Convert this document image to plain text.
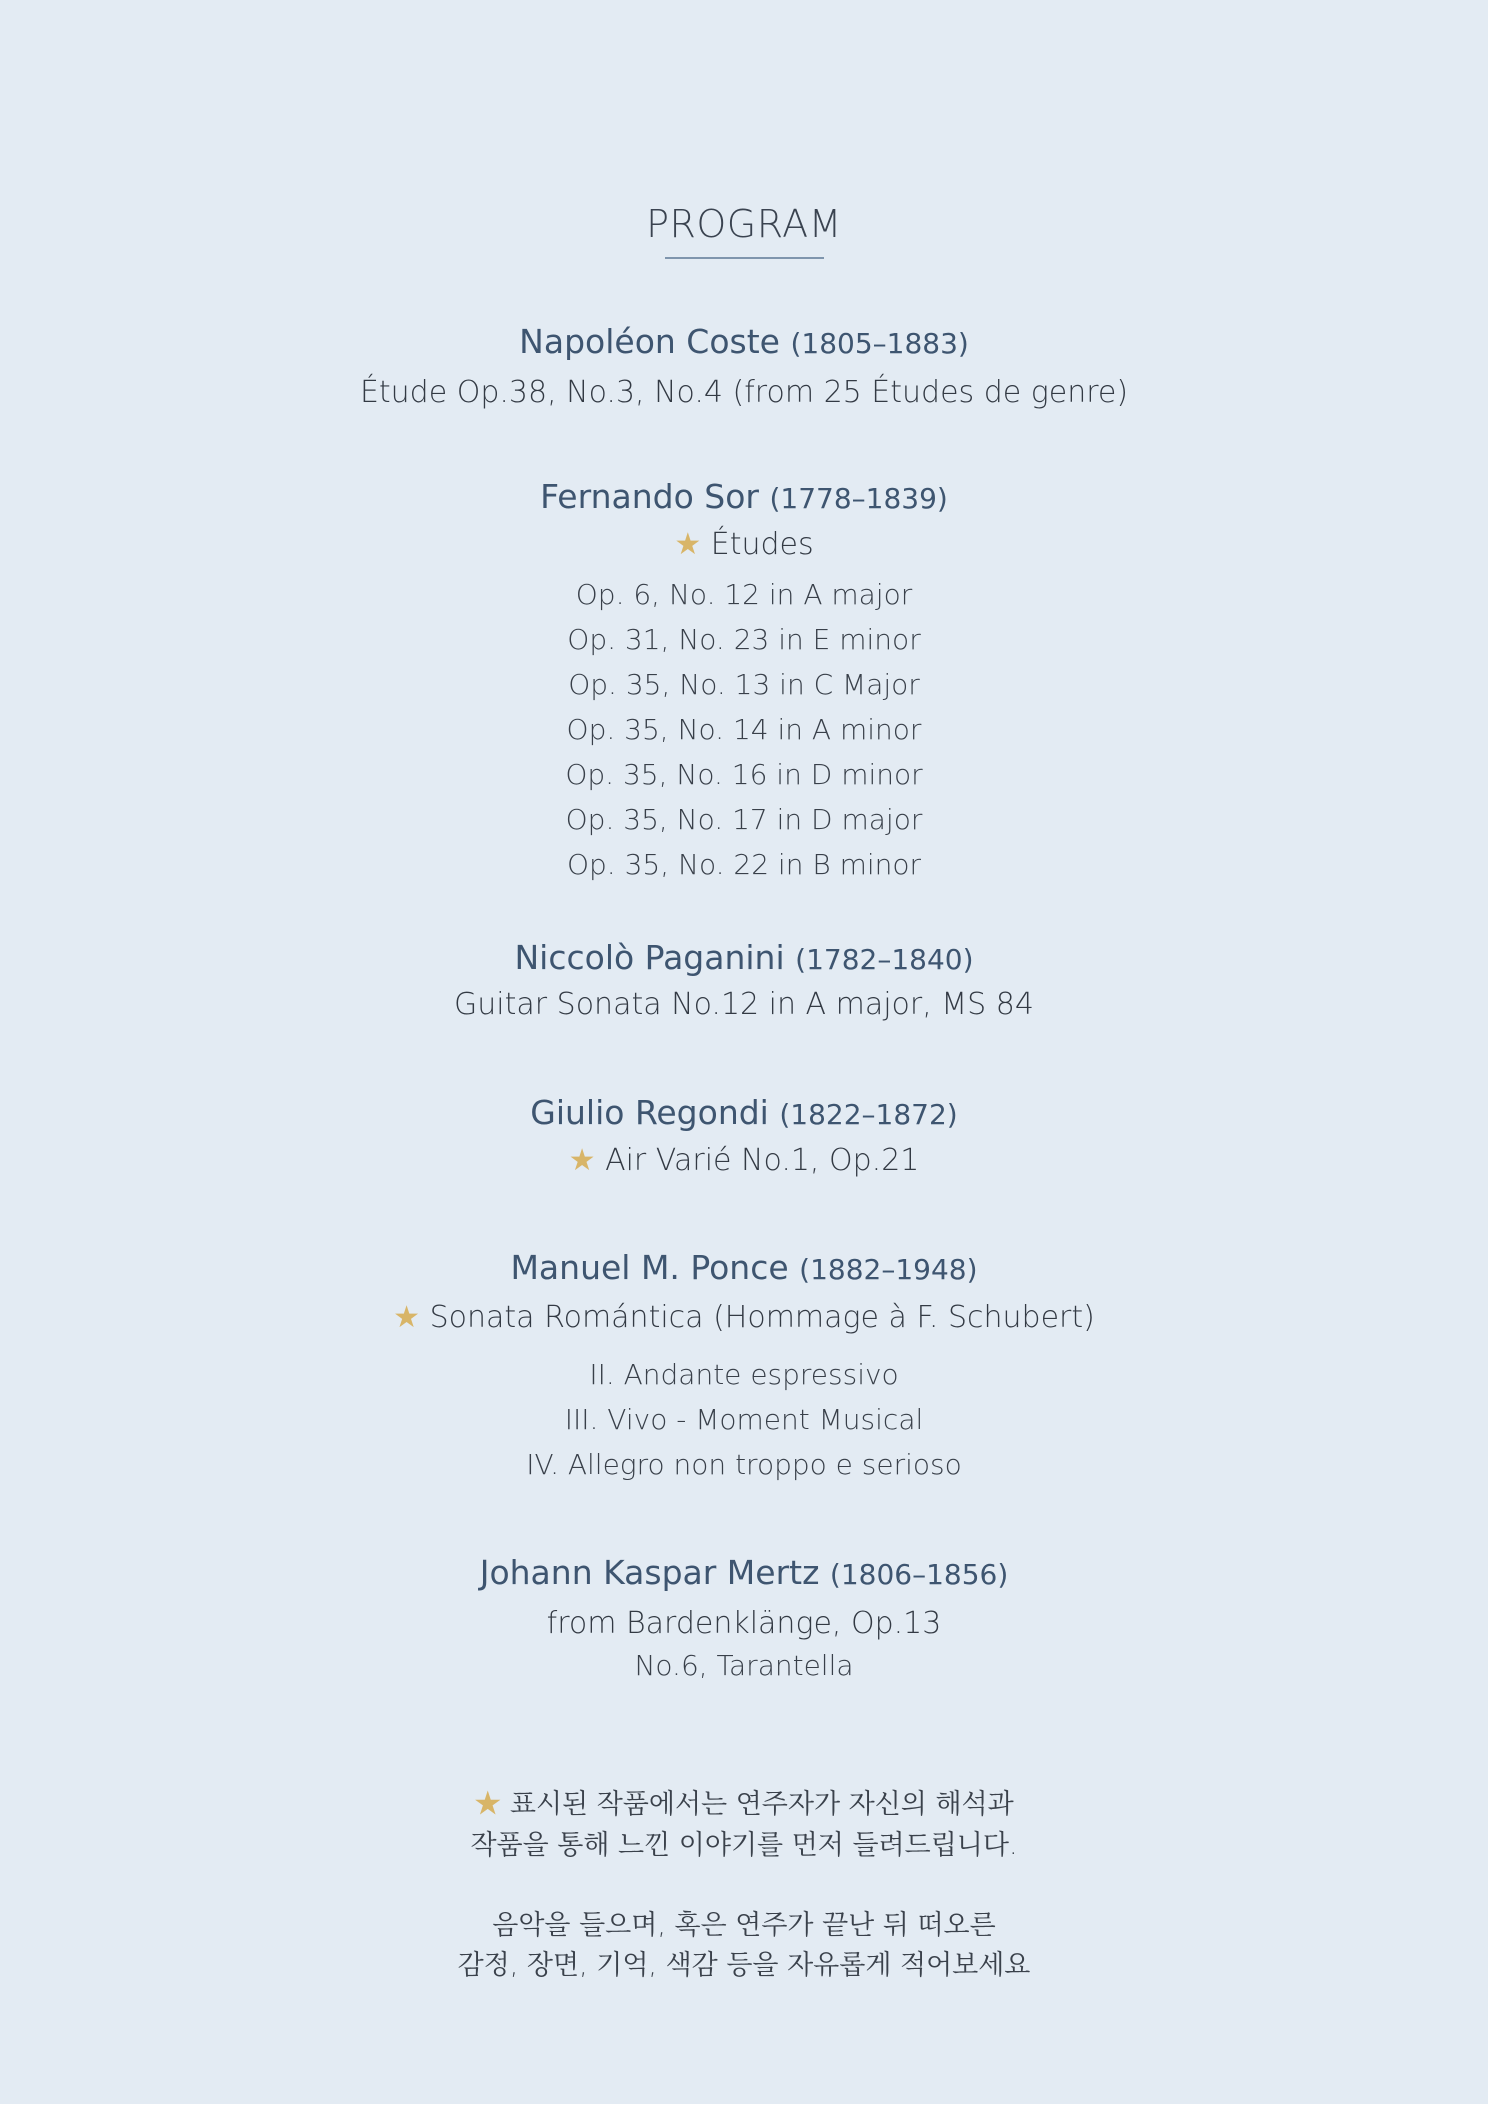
PROGRAM
Napoléon Coste (1805–1883)
Étude Op.38, No.3, No.4 (from 25 Études de genre)
Fernando Sor (1778–1839)
★ Études
Op. 6, No. 12 in A major
Op. 31, No. 23 in E minor
Op. 35, No. 13 in C Major
Op. 35, No. 14 in A minor
Op. 35, No. 16 in D minor
Op. 35, No. 17 in D major
Op. 35, No. 22 in B minor
Niccolò Paganini (1782–1840)
Guitar Sonata No.12 in A major, MS 84
Giulio Regondi (1822–1872)
★ Air Varié No.1, Op.21
Manuel M. Ponce (1882–1948)
★ Sonata Romántica (Hommage à F. Schubert)
II. Andante espressivo
III. Vivo - Moment Musical
IV. Allegro non troppo e serioso
Johann Kaspar Mertz (1806–1856)
from Bardenklänge, Op.13
No.6, Tarantella
★ 표시된 작품에서는 연주자가 자신의 해석과
작품을 통해 느낀 이야기를 먼저 들려드립니다.
음악을 들으며, 혹은 연주가 끝난 뒤 떠오른
감정, 장면, 기억, 색감 등을 자유롭게 적어보세요
